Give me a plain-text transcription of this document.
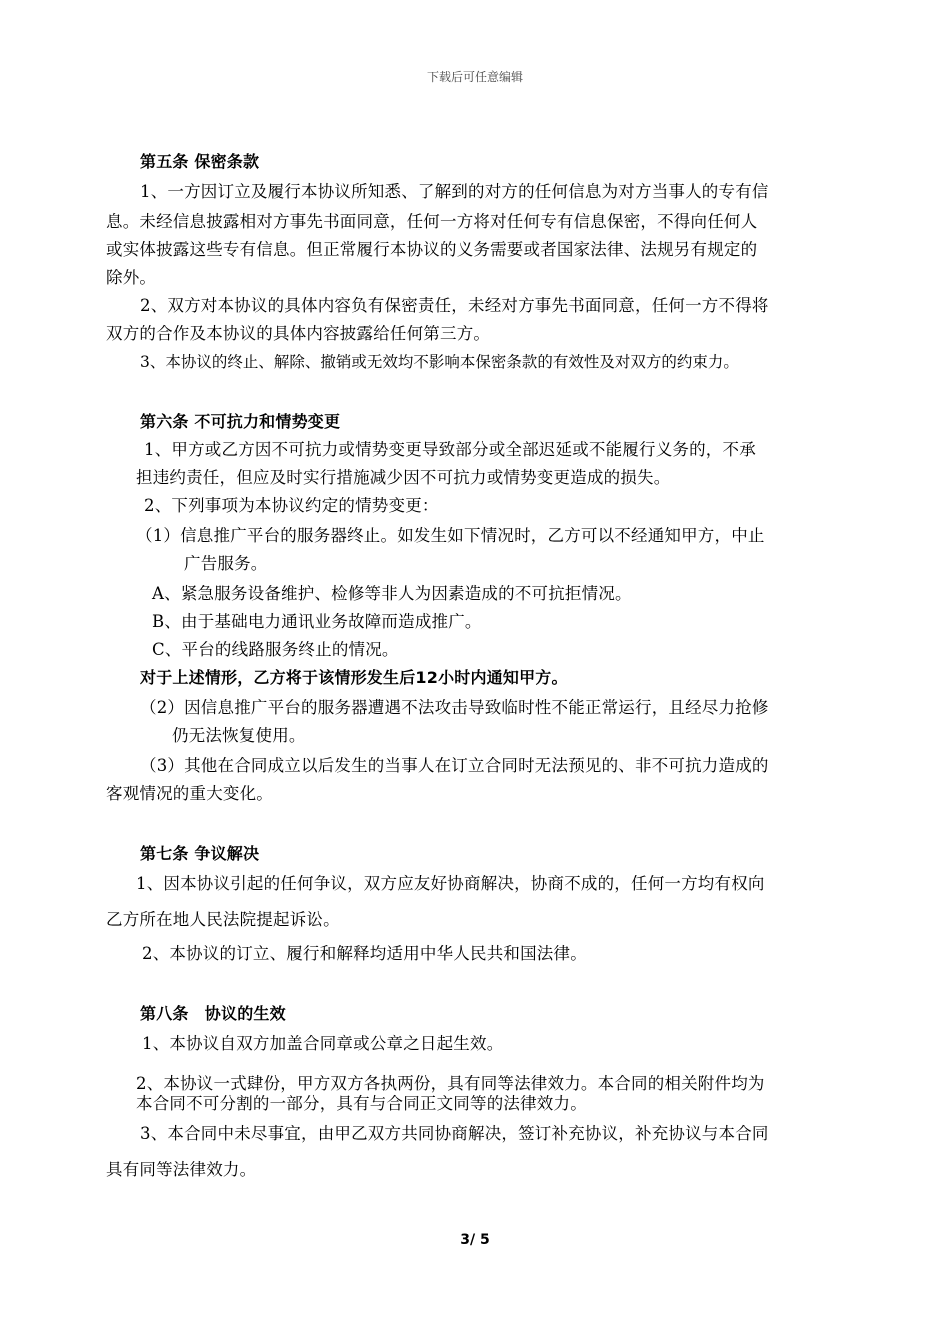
下载后可任意编辑
第五条 保密条款
1、一方因订立及履行本协议所知悉、了解到的对方的任何信息为对方当事人的专有信
息。未经信息披露相对方事先书面同意，任何一方将对任何专有信息保密，不得向任何人
或实体披露这些专有信息。但正常履行本协议的义务需要或者国家法律、法规另有规定的
除外。
2、双方对本协议的具体内容负有保密责任，未经对方事先书面同意，任何一方不得将
双方的合作及本协议的具体内容披露给任何第三方。
3、本协议的终止、解除、撤销或无效均不影响本保密条款的有效性及对双方的约束力。
第六条 不可抗力和情势变更
1、甲方或乙方因不可抗力或情势变更导致部分或全部迟延或不能履行义务的，不承
担违约责任，但应及时实行措施减少因不可抗力或情势变更造成的损失。
2、下列事项为本协议约定的情势变更：
（1）信息推广平台的服务器终止。如发生如下情况时，乙方可以不经通知甲方，中止
广告服务。
A、紧急服务设备维护、检修等非人为因素造成的不可抗拒情况。
B、由于基础电力通讯业务故障而造成推广。
C、平台的线路服务终止的情况。
对于上述情形，乙方将于该情形发生后12小时内通知甲方。
（2）因信息推广平台的服务器遭遇不法攻击导致临时性不能正常运行，且经尽力抢修
仍无法恢复使用。
（3）其他在合同成立以后发生的当事人在订立合同时无法预见的、非不可抗力造成的
客观情况的重大变化。
第七条 争议解决
1、因本协议引起的任何争议，双方应友好协商解决，协商不成的，任何一方均有权向
乙方所在地人民法院提起诉讼。
2、本协议的订立、履行和解释均适用中华人民共和国法律。
第八条　协议的生效
1、本协议自双方加盖合同章或公章之日起生效。
2、本协议一式肆份，甲方双方各执两份，具有同等法律效力。本合同的相关附件均为
本合同不可分割的一部分，具有与合同正文同等的法律效力。
3、本合同中未尽事宜，由甲乙双方共同协商解决，签订补充协议，补充协议与本合同
具有同等法律效力。
3/ 5
